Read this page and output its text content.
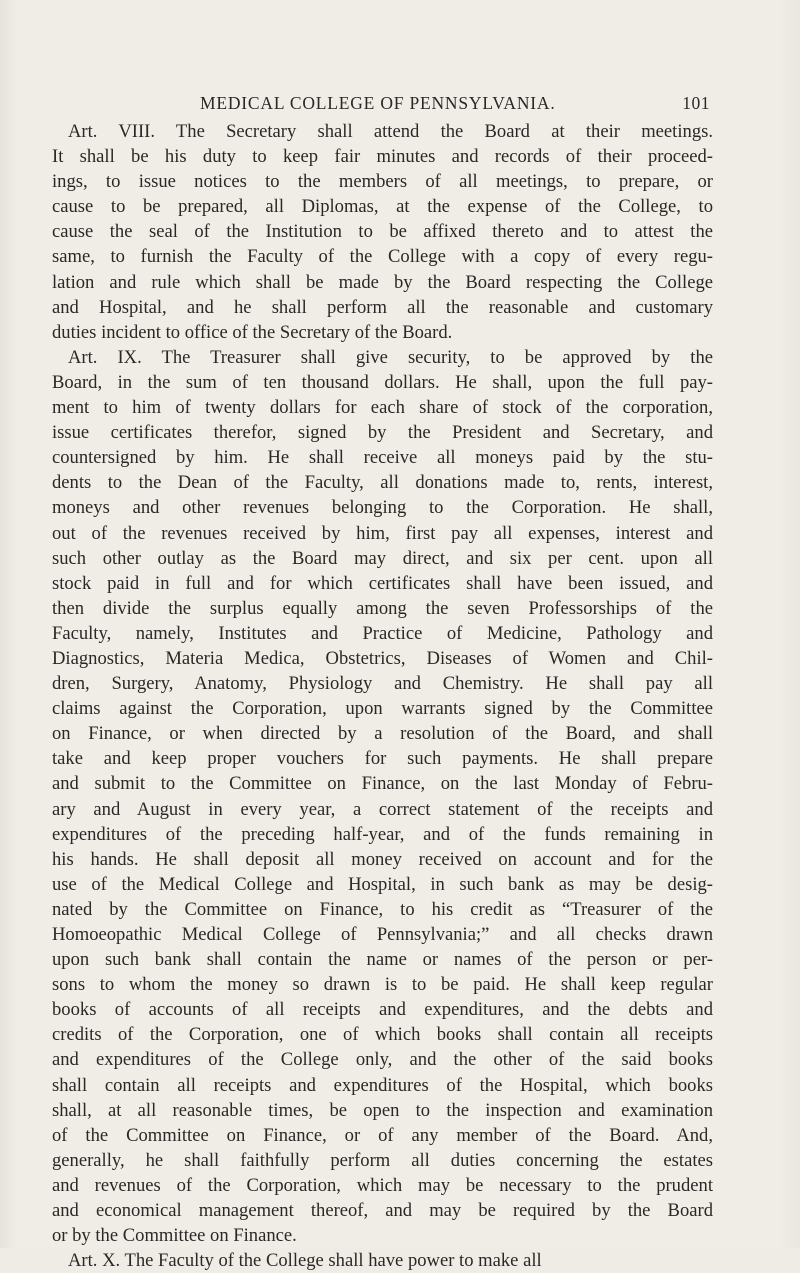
MEDICAL COLLEGE OF PENNSYLVANIA.	101
Art. VIII. The Secretary shall attend the Board at their meetings.
It shall be his duty to keep fair minutes and records of their proceed-
ings, to issue notices to the members of all meetings, to prepare, or
cause to be prepared, all Diplomas, at the expense of the College, to
cause the seal of the Institution to be affixed thereto and to attest the
same, to furnish the Faculty of the College with a copy of every regu-
lation and rule which shall be made by the Board respecting the College
and Hospital, and he shall perform all the reasonable and customary
duties incident to office of the Secretary of the Board.
Art. IX. The Treasurer shall give security, to be approved by the
Board, in the sum of ten thousand dollars. He shall, upon the full pay-
ment to him of twenty dollars for each share of stock of the corporation,
issue certificates therefor, signed by the President and Secretary, and
countersigned by him. He shall receive all moneys paid by the stu-
dents to the Dean of the Faculty, all donations made to, rents, interest,
moneys and other revenues belonging to the Corporation. He shall,
out of the revenues received by him, first pay all expenses, interest and
such other outlay as the Board may direct, and six per cent. upon all
stock paid in full and for which certificates shall have been issued, and
then divide the surplus equally among the seven Professorships of the
Faculty, namely, Institutes and Practice of Medicine, Pathology and
Diagnostics, Materia Medica, Obstetrics, Diseases of Women and Chil-
dren, Surgery, Anatomy, Physiology and Chemistry. He shall pay all
claims against the Corporation, upon warrants signed by the Committee
on Finance, or when directed by a resolution of the Board, and shall
take and keep proper vouchers for such payments. He shall prepare
and submit to the Committee on Finance, on the last Monday of Febru-
ary and August in every year, a correct statement of the receipts and
expenditures of the preceding half-year, and of the funds remaining in
his hands. He shall deposit all money received on account and for the
use of the Medical College and Hospital, in such bank as may be desig-
nated by the Committee on Finance, to his credit as “Treasurer of the
Homoeopathic Medical College of Pennsylvania;” and all checks drawn
upon such bank shall contain the name or names of the person or per-
sons to whom the money so drawn is to be paid. He shall keep regular
books of accounts of all receipts and expenditures, and the debts and
credits of the Corporation, one of which books shall contain all receipts
and expenditures of the College only, and the other of the said books
shall contain all receipts and expenditures of the Hospital, which books
shall, at all reasonable times, be open to the inspection and examination
of the Committee on Finance, or of any member of the Board. And,
generally, he shall faithfully perform all duties concerning the estates
and revenues of the Corporation, which may be necessary to the prudent
and economical management thereof, and may be required by the Board
or by the Committee on Finance.
Art. X. The Faculty of the College shall have power to make all
